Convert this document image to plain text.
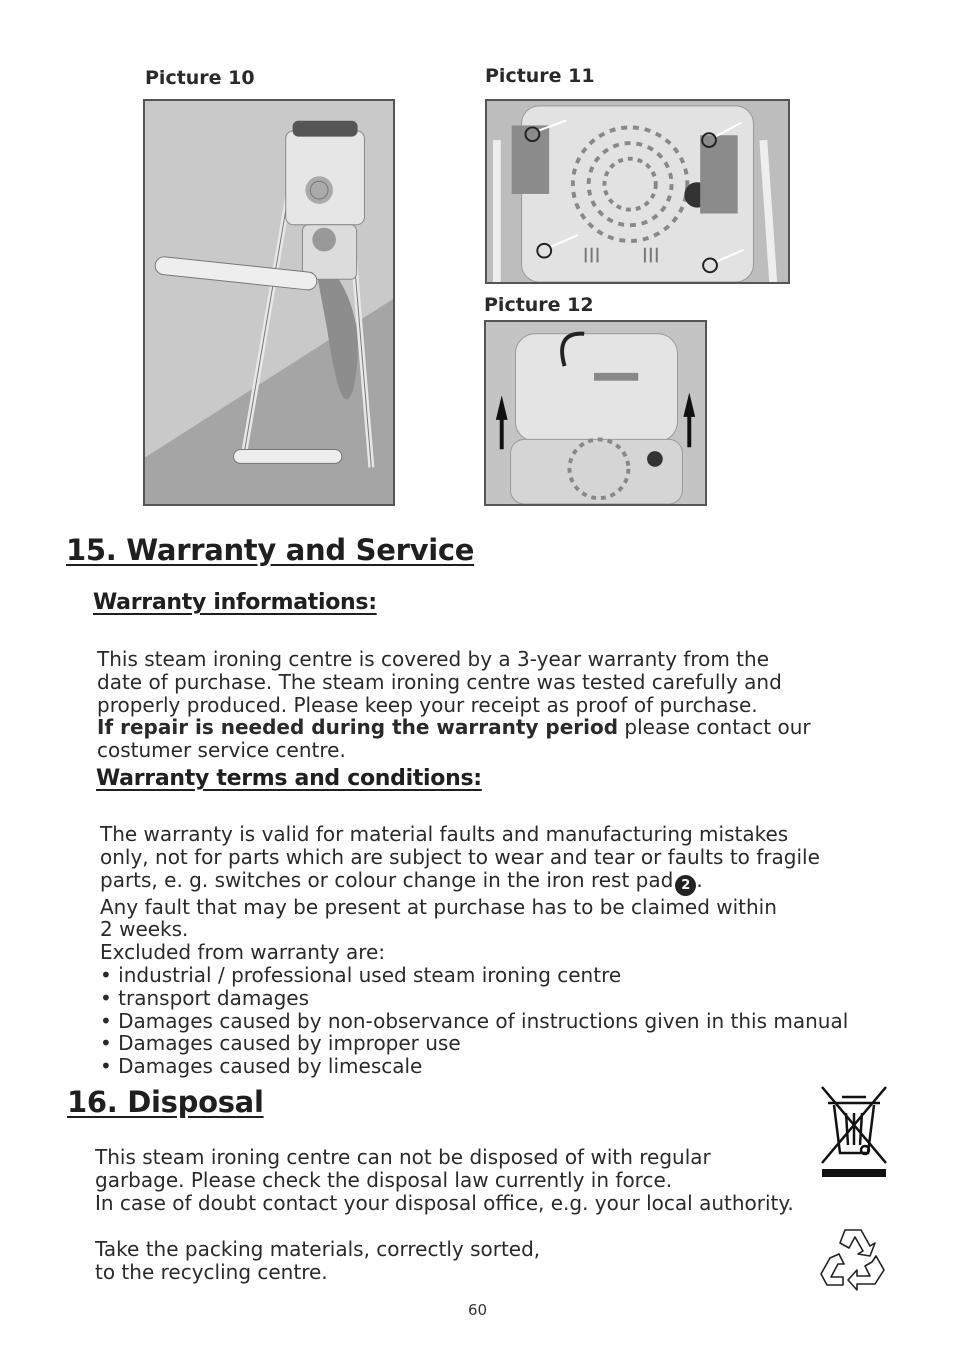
Picture 10	Picture 11
Picture 12
15. Warranty and Service
Warranty informations:

This steam ironing centre is covered by a 3-year warranty from the

date of purchase. The steam ironing centre was tested carefully and

properly produced. Please keep your receipt as proof of purchase.

If repair is needed during the warranty period please contact our

costumer service centre.

Warranty terms and conditions:

The warranty is valid for material faults and manufacturing mistakes

only, not for parts which are subject to wear and tear or faults to fragile

parts, e. g. switches or colour change in the iron rest pad 2 .

Any fault that may be present at purchase has to be claimed within

2 weeks.

Excluded from warranty are:

• industrial / professional used steam ironing centre

• transport damages

• Damages caused by non-observance of instructions given in this manual

• Damages caused by improper use

• Damages caused by limescale

16. Disposal

This steam ironing centre can not be disposed of with regular

garbage. Please check the disposal law currently in force.

In case of doubt contact your disposal office, e.g. your local authority.

Take the packing materials, correctly sorted,

to the recycling centre.

60
